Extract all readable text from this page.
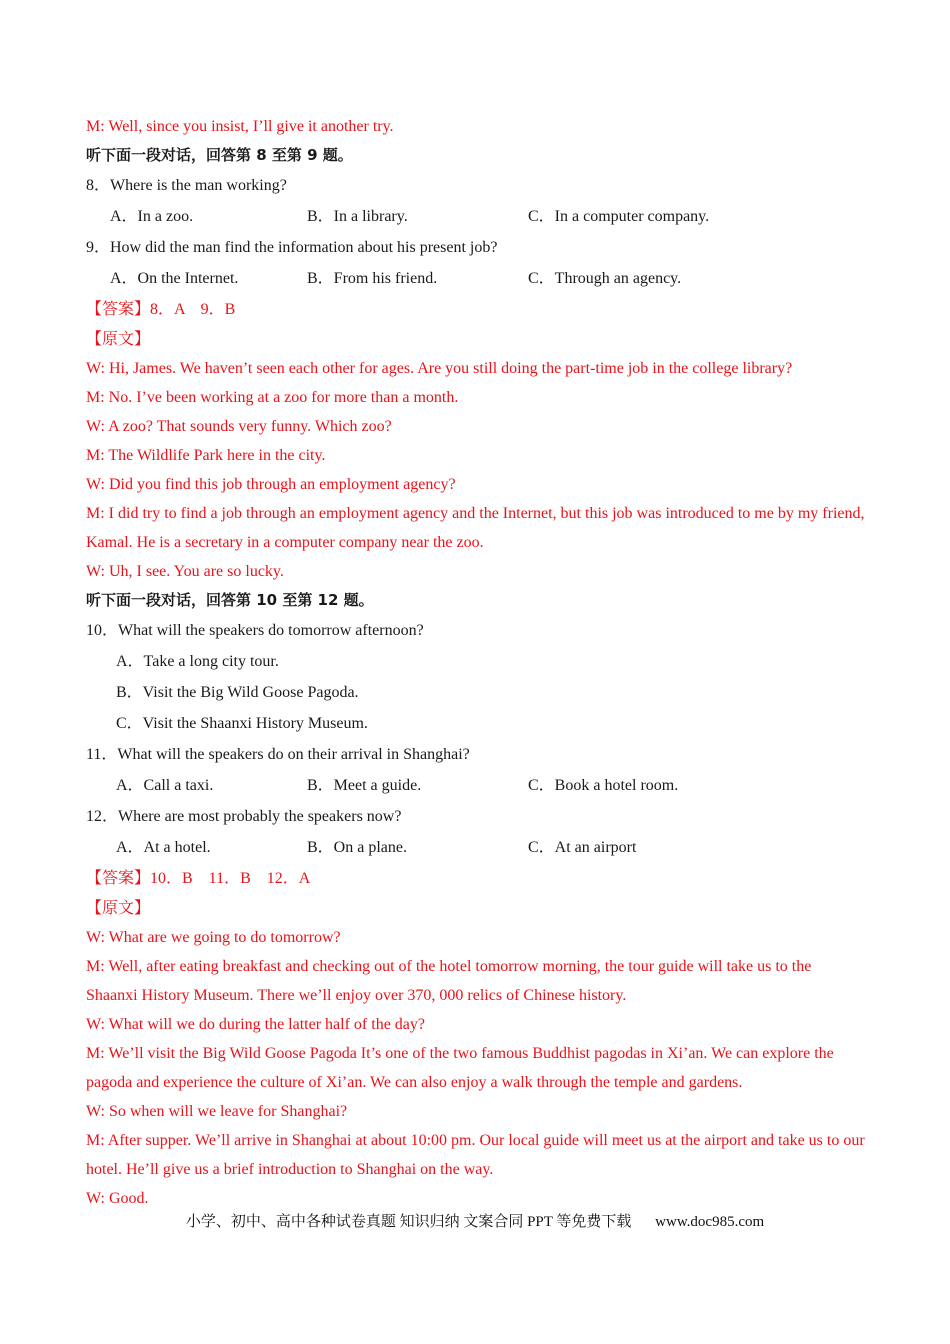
M: Well, since you insist, I’ll give it another try.
听下面一段对话，回答第 8 至第 9 题。
8．Where is the man working?
A．In a zoo.	B．In a library.	C．In a computer company.
9．How did the man find the information about his present job?
A．On the Internet.	B．From his friend.	C．Through an agency.
【答案】8．A　9．B
【原文】
W: Hi, James. We haven’t seen each other for ages. Are you still doing the part-time job in the college library?
M: No. I’ve been working at a zoo for more than a month.
W: A zoo? That sounds very funny. Which zoo?
M: The Wildlife Park here in the city.
W: Did you find this job through an employment agency?
M: I did try to find a job through an employment agency and the Internet, but this job was introduced to me by my friend, Kamal. He is a secretary in a computer company near the zoo.
W: Uh, I see. You are so lucky.
听下面一段对话，回答第 10 至第 12 题。
10．What will the speakers do tomorrow afternoon?
A．Take a long city tour.
B．Visit the Big Wild Goose Pagoda.
C．Visit the Shaanxi History Museum.
11．What will the speakers do on their arrival in Shanghai?
A．Call a taxi.	B．Meet a guide.	C．Book a hotel room.
12．Where are most probably the speakers now?
A．At a hotel.	B．On a plane.	C．At an airport
【答案】10．B　11．B　12．A
【原文】
W: What are we going to do tomorrow?
M: Well, after eating breakfast and checking out of the hotel tomorrow morning, the tour guide will take us to the Shaanxi History Museum. There we’ll enjoy over 370, 000 relics of Chinese history.
W: What will we do during the latter half of the day?
M: We’ll visit the Big Wild Goose Pagoda It’s one of the two famous Buddhist pagodas in Xi’an. We can explore the pagoda and experience the culture of Xi’an. We can also enjoy a walk through the temple and gardens.
W: So when will we leave for Shanghai?
M: After supper. We’ll arrive in Shanghai at about 10:00 pm. Our local guide will meet us at the airport and take us to our hotel. He’ll give us a brief introduction to Shanghai on the way.
W: Good.
小学、初中、高中各种试卷真题 知识归纳 文案合同 PPT 等免费下载 www.doc985.com
